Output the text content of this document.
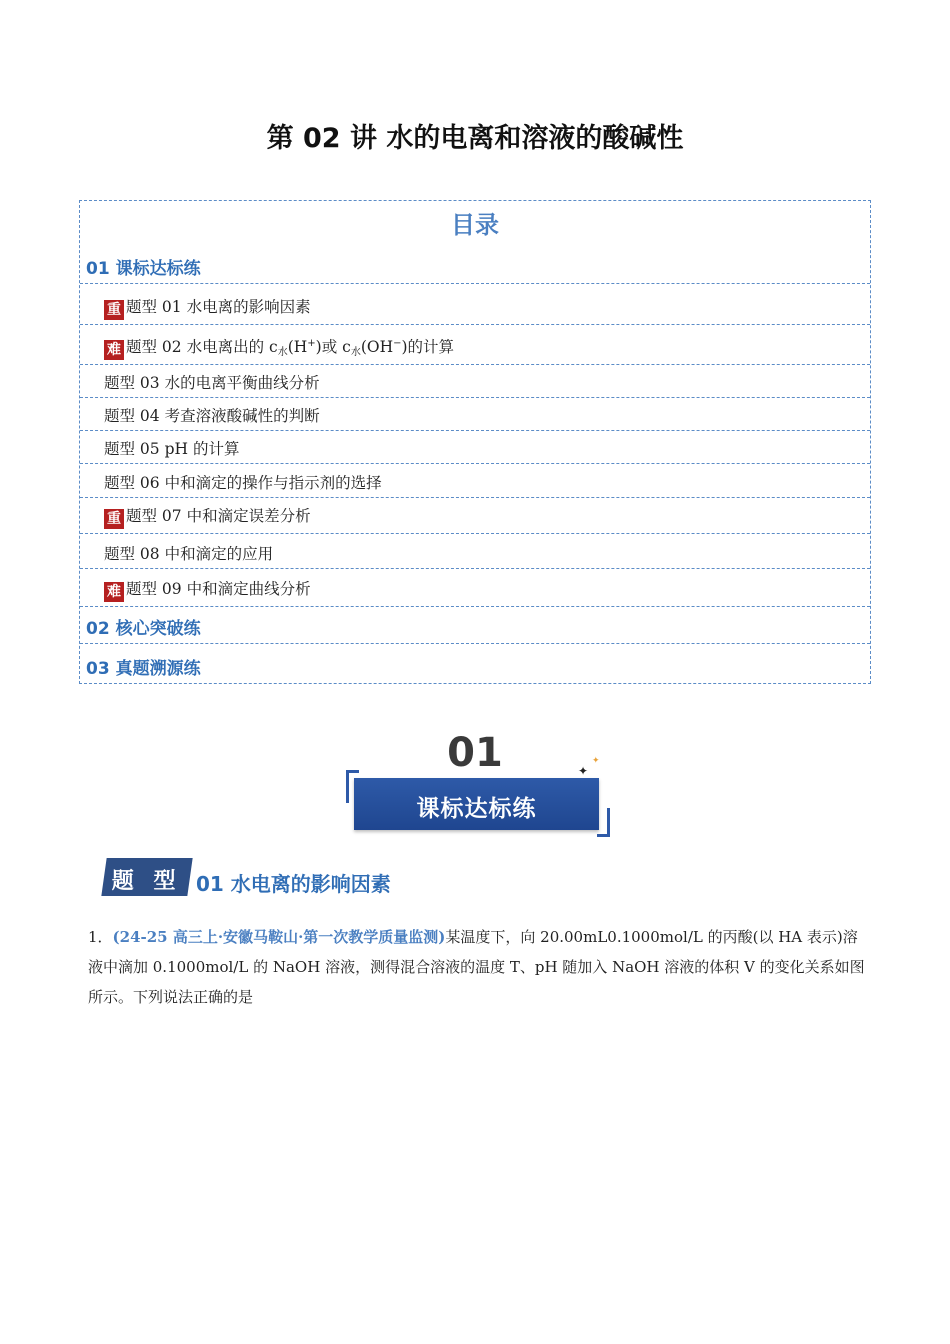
第 02 讲 水的电离和溶液的酸碱性
目录
01 课标达标练
重 题型 01 水电离的影响因素
难 题型 02 水电离出的 $c_水(H^+)$或 $c_水(OH^-)$的计算
题型 03 水的电离平衡曲线分析
题型 04 考查溶液酸碱性的判断
题型 05 pH 的计算
题型 06 中和滴定的操作与指示剂的选择
重 题型 07 中和滴定误差分析
题型 08 中和滴定的应用
难 题型 09 中和滴定曲线分析
02 核心突破练
03 真题溯源练
01
课标达标练
✦
✦
题 型 01 水电离的影响因素
1．(24-25 高三上·安徽马鞍山·第一次教学质量监测)某温度下，向 20.00mL0.1000mol/L 的丙酸(以 HA 表示)溶液中滴加 0.1000mol/L 的 NaOH 溶液，测得混合溶液的温度 T、pH 随加入 NaOH 溶液的体积 V 的变化关系如图所示。下列说法正确的是
